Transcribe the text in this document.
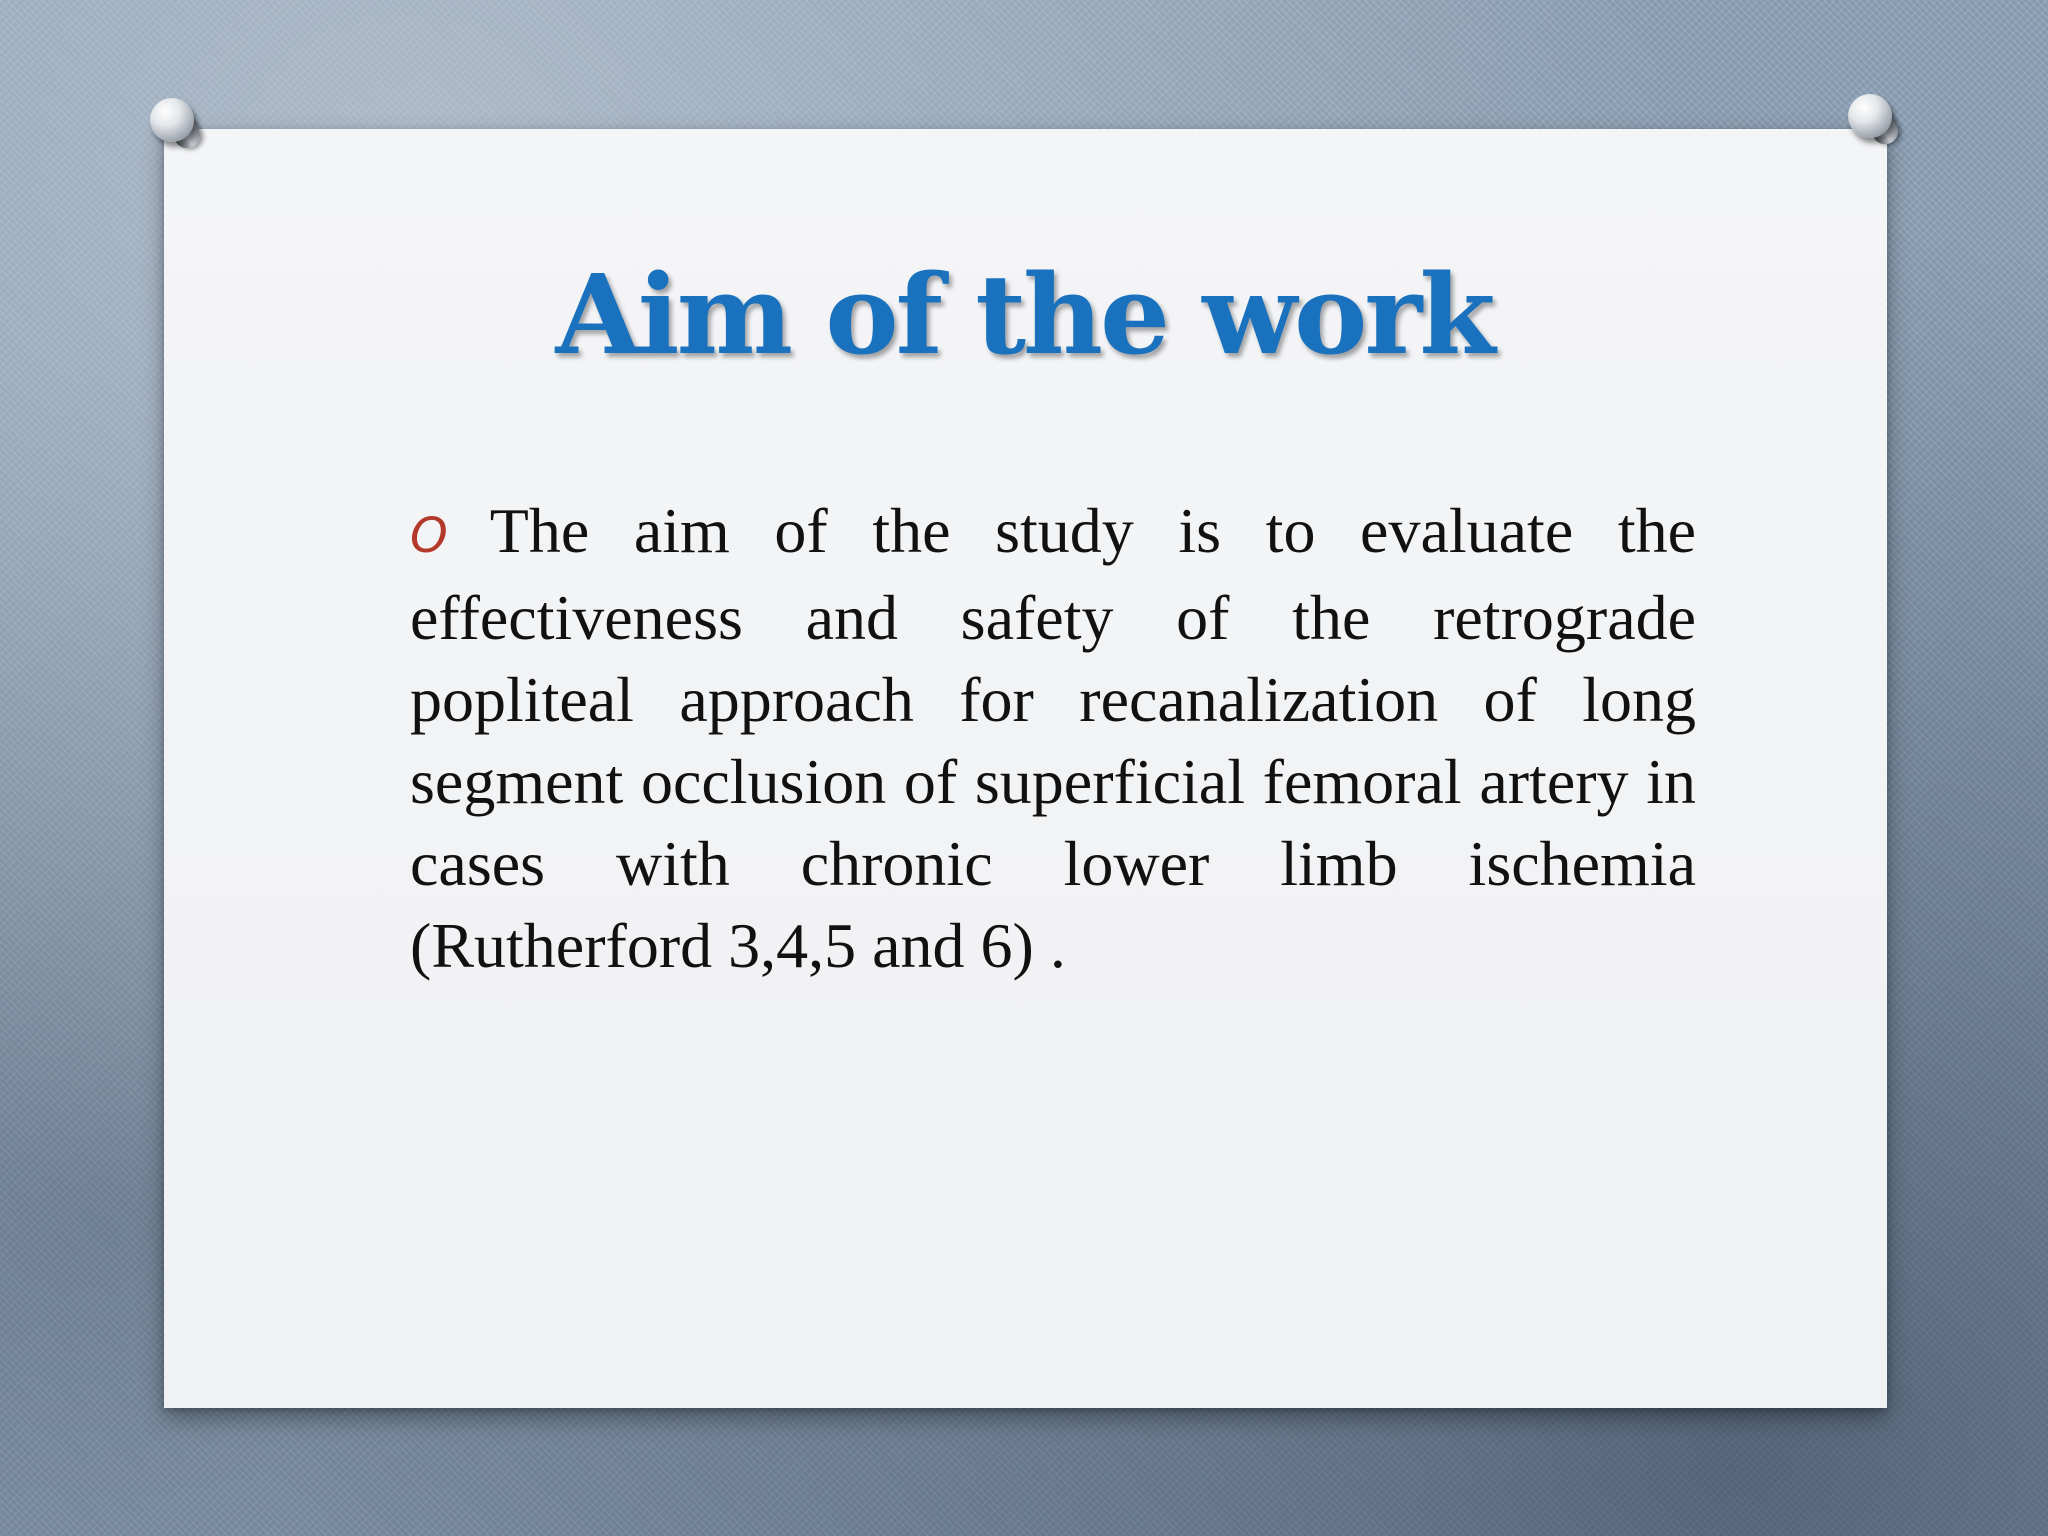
Aim of the work
O The aim of the study is to evaluate the effectiveness and safety of the retrograde popliteal approach for recanalization of long segment occlusion of superficial femoral artery in cases with chronic lower limb ischemia (Rutherford 3,4,5 and 6) .
